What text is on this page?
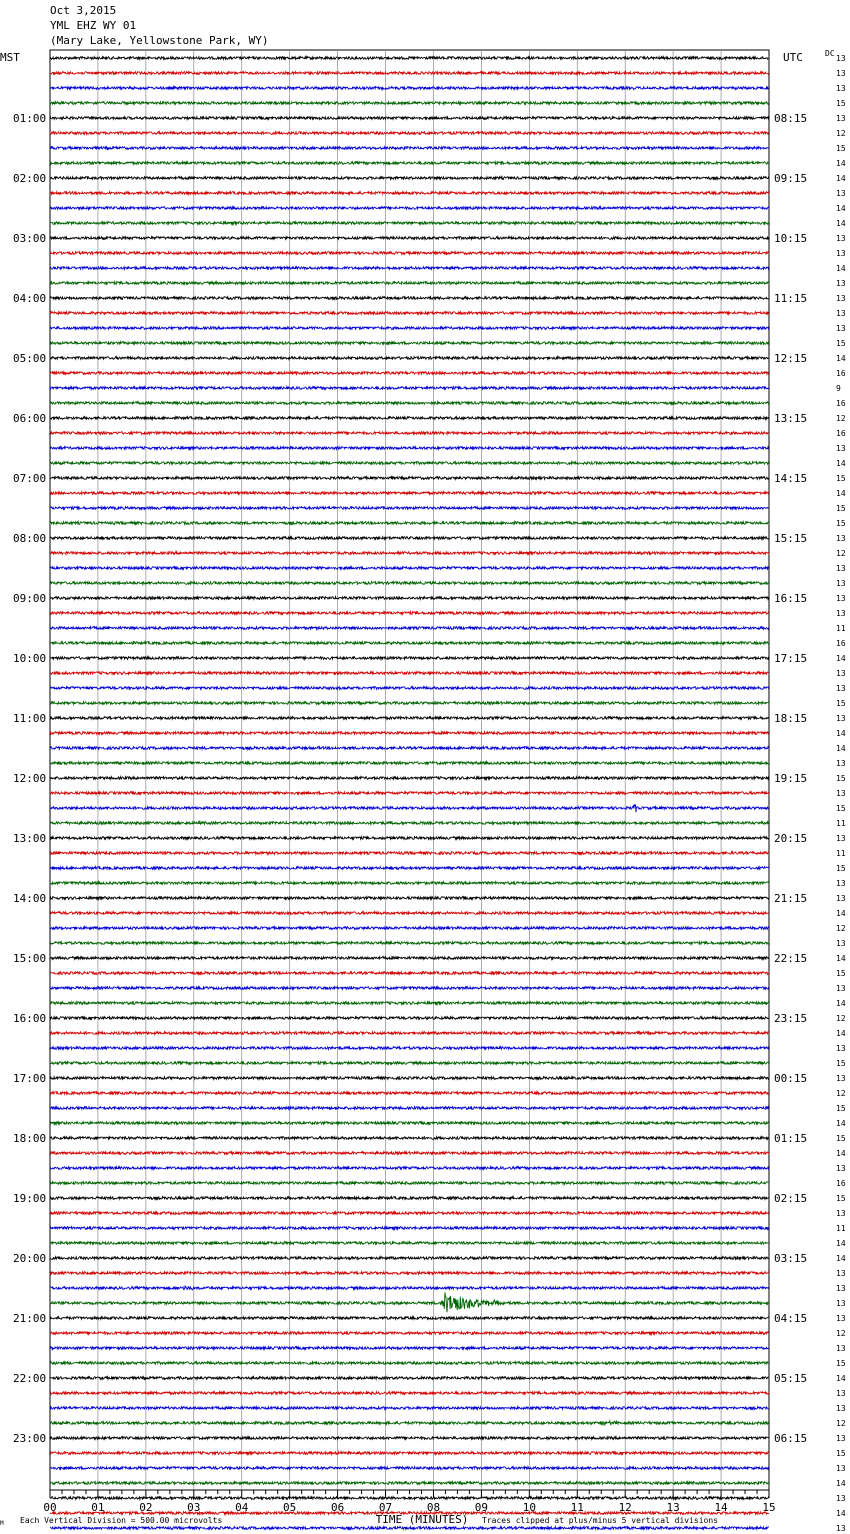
Oct 3,2015
YML EHZ WY 01
(Mary Lake, Yellowstone Park, WY)
13
13
13
15
13
12
15
14
14
13
14
14
13
13
14
13
13
13
13
15
14
16
9
16
12
16
13
14
15
14
15
15
13
12
13
13
13
13
11
16
14
13
13
15
13
14
14
13
15
13
15
11
13
11
15
13
13
14
12
13
14
15
13
14
12
14
13
15
13
12
15
14
15
14
13
16
15
13
11
14
14
13
13
13
13
12
13
15
14
13
13
12
13
15
13
14
13
14
13
DC
MST	UTC
01:00
02:00
03:00
04:00
05:00
06:00
07:00
08:00
09:00
10:00
11:00
12:00
13:00
14:00
15:00
16:00
17:00
18:00
19:00
20:00
21:00
22:00
23:00
08:15
09:15
10:15
11:15
12:15
13:15
14:15
15:15
16:15
17:15
18:15
19:15
20:15
21:15
22:15
23:15
00:15
01:15
02:15
03:15
04:15
05:15
06:15
00	01	02	03	04	05	06	07	08	09	10	11	12	13	14	15
M Each Vertical Division = 500.00 microvolts	TIME (MINUTES) Traces clipped at plus/minus 5 vertical divisions
